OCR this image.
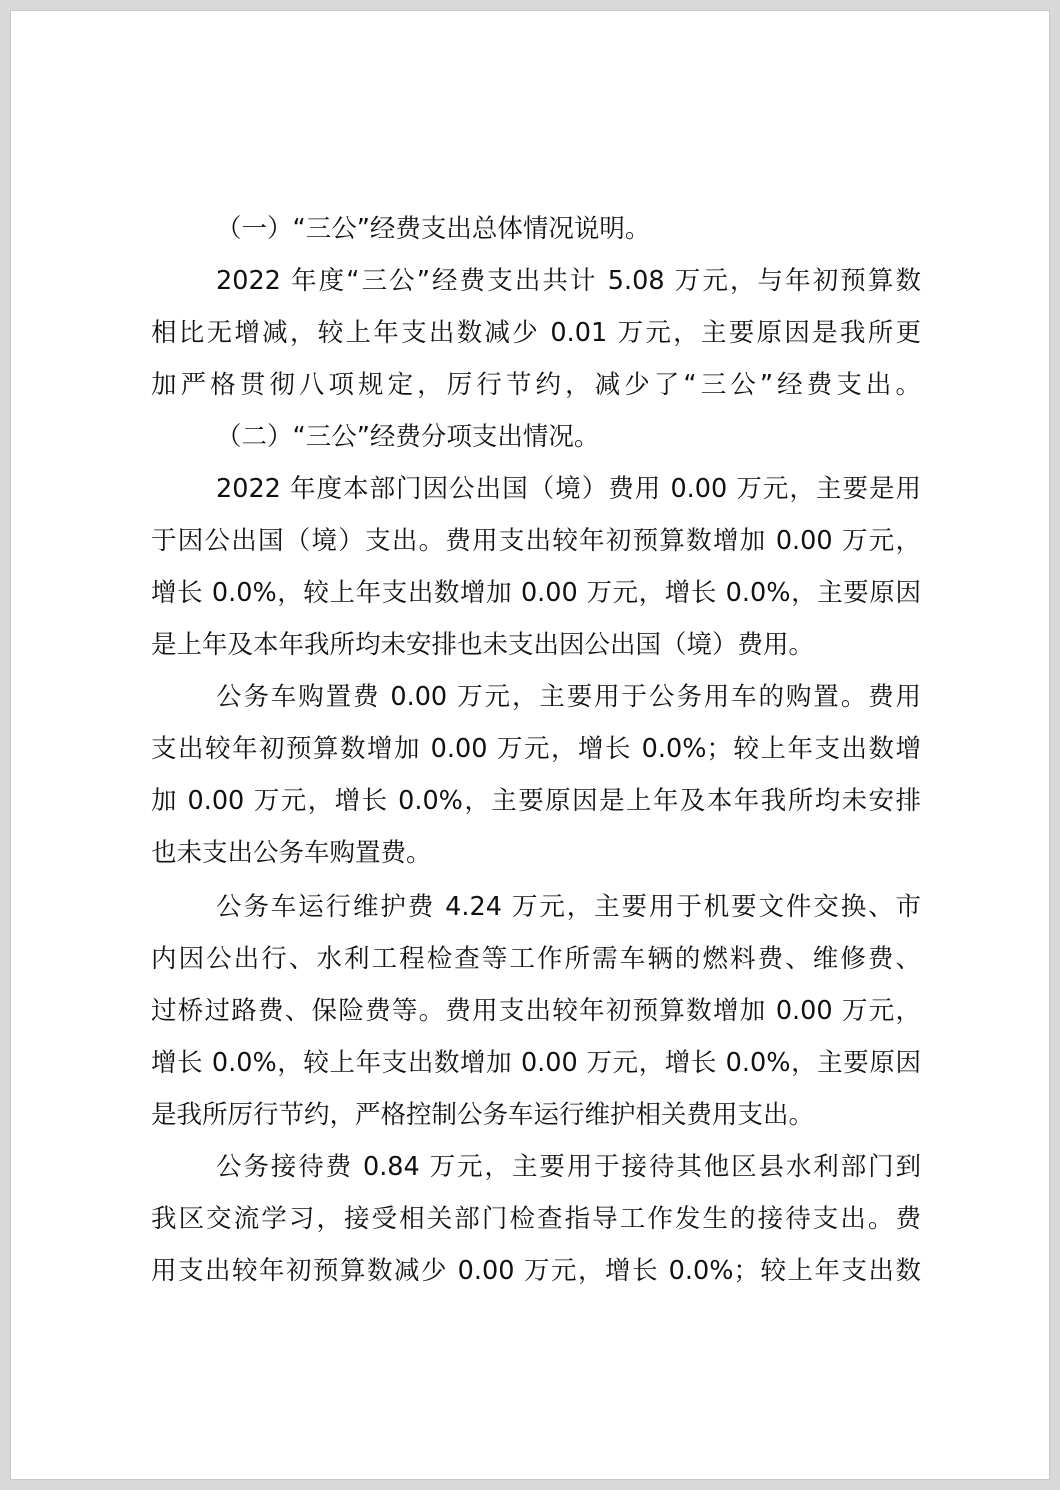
（一）“三公”经费支出总体情况说明。
2022 年度“三公”经费支出共计 5.08 万元，与年初预算数
相比无增减，较上年支出数减少 0.01 万元，主要原因是我所更
加严格贯彻八项规定，厉行节约，减少了“三公”经费支出。
（二）“三公”经费分项支出情况。
2022 年度本部门因公出国（境）费用 0.00 万元，主要是用
于因公出国（境）支出。费用支出较年初预算数增加 0.00 万元，
增长 0.0%，较上年支出数增加 0.00 万元，增长 0.0%，主要原因
是上年及本年我所均未安排也未支出因公出国（境）费用。
公务车购置费 0.00 万元，主要用于公务用车的购置。费用
支出较年初预算数增加 0.00 万元，增长 0.0%；较上年支出数增
加 0.00 万元，增长 0.0%，主要原因是上年及本年我所均未安排
也未支出公务车购置费。
公务车运行维护费 4.24 万元，主要用于机要文件交换、市
内因公出行、水利工程检查等工作所需车辆的燃料费、维修费、
过桥过路费、保险费等。费用支出较年初预算数增加 0.00 万元，
增长 0.0%，较上年支出数增加 0.00 万元，增长 0.0%，主要原因
是我所厉行节约，严格控制公务车运行维护相关费用支出。
公务接待费 0.84 万元，主要用于接待其他区县水利部门到
我区交流学习，接受相关部门检查指导工作发生的接待支出。费
用支出较年初预算数减少 0.00 万元，增长 0.0%；较上年支出数
